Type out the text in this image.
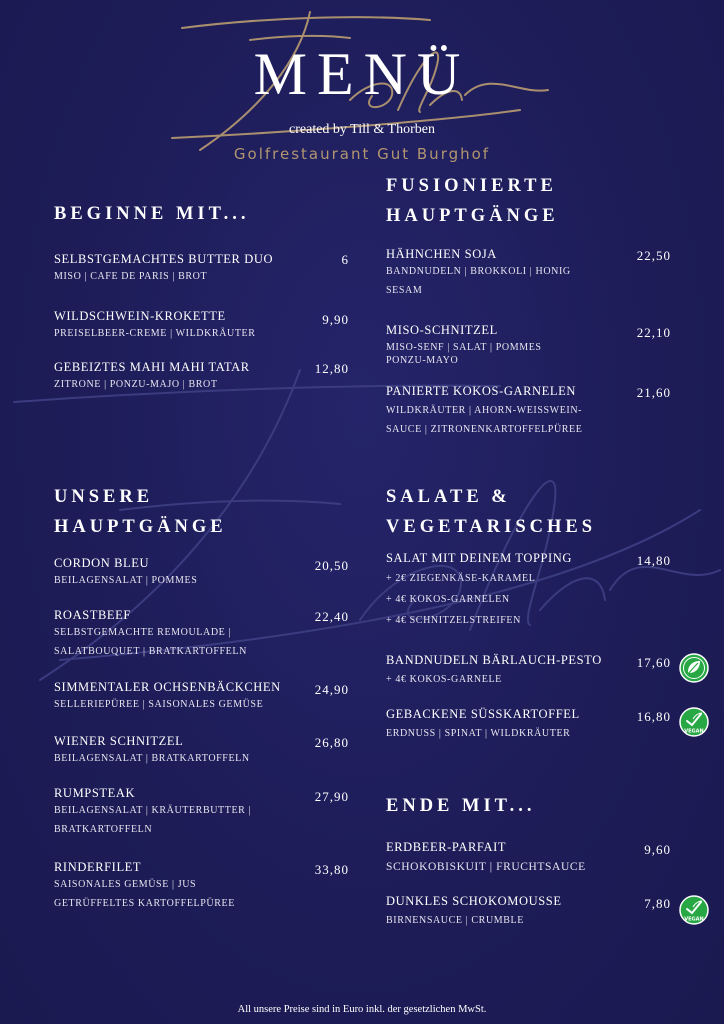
MENÜ
created by Till & Thorben
Golfrestaurant Gut Burghof
BEGINNE MIT...
SELBSTGEMACHTES BUTTER DUO
MISO | CAFE DE PARIS | BROT
6
WILDSCHWEIN-KROKETTE
PREISELBEER-CREME | WILDKRÄUTER
9,90
GEBEIZTES MAHI MAHI TATAR
ZITRONE | PONZU-MAJO | BROT
12,80
FUSIONIERTE
HAUPTGÄNGE
HÄHNCHEN SOJA
BANDNUDELN | BROKKOLI | HONIG
SESAM
22,50
MISO-SCHNITZEL
MISO-SENF | SALAT | POMMES
PONZU-MAYO
22,10
PANIERTE KOKOS-GARNELEN
WILDKRÄUTER | AHORN-WEISSWEIN-
SAUCE | ZITRONENKARTOFFELPÜREE
21,60
UNSERE
HAUPTGÄNGE
CORDON BLEU
BEILAGENSALAT | POMMES
20,50
ROASTBEEF
SELBSTGEMACHTE REMOULADE |
SALATBOUQUET | BRATKARTOFFELN
22,40
SIMMENTALER OCHSENBÄCKCHEN
SELLERIEPÜREE | SAISONALES GEMÜSE
24,90
WIENER SCHNITZEL
BEILAGENSALAT | BRATKARTOFFELN
26,80
RUMPSTEAK
BEILAGENSALAT | KRÄUTERBUTTER |
BRATKARTOFFELN
27,90
RINDERFILET
SAISONALES GEMÜSE | JUS
GETRÜFFELTES KARTOFFELPÜREE
33,80
SALATE &
VEGETARISCHES
SALAT MIT DEINEM TOPPING
+ 2€ ZIEGENKÄSE-KARAMEL
+ 4€ KOKOS-GARNELEN
+ 4€ SCHNITZELSTREIFEN
14,80
BANDNUDELN BÄRLAUCH-PESTO
+ 4€ KOKOS-GARNELE
17,60
GEBACKENE SÜSSKARTOFFEL
ERDNUSS | SPINAT | WILDKRÄUTER
16,80
VEGAN
ENDE MIT...
ERDBEER-PARFAIT
SCHOKOBISKUIT | FRUCHTSAUCE
9,60
DUNKLES SCHOKOMOUSSE
BIRNENSAUCE | CRUMBLE
7,80
VEGAN
All unsere Preise sind in Euro inkl. der gesetzlichen MwSt.
